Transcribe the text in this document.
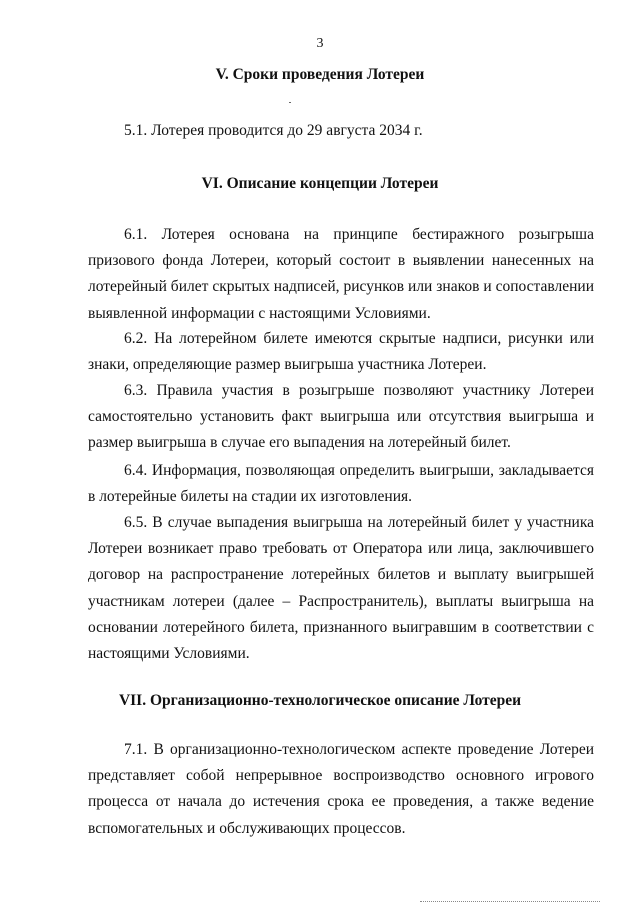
3
V. Сроки проведения Лотереи

5.1. Лотерея проводится до 29 августа 2034 г.

VI. Описание концепции Лотереи

6.1. Лотерея основана на принципе бестиражного розыгрыша призового фонда Лотереи, который состоит в выявлении нанесенных на лотерейный билет скрытых надписей, рисунков или знаков и сопоставлении выявленной информации с настоящими Условиями.

6.2. На лотерейном билете имеются скрытые надписи, рисунки или знаки, определяющие размер выигрыша участника Лотереи.

6.3. Правила участия в розыгрыше позволяют участнику Лотереи самостоятельно установить факт выигрыша или отсутствия выигрыша и размер выигрыша в случае его выпадения на лотерейный билет.

6.4. Информация, позволяющая определить выигрыши, закладывается в лотерейные билеты на стадии их изготовления.

6.5. В случае выпадения выигрыша на лотерейный билет у участника Лотереи возникает право требовать от Оператора или лица, заключившего договор на распространение лотерейных билетов и выплату выигрышей участникам лотереи (далее – Распространитель), выплаты выигрыша на основании лотерейного билета, признанного выигравшим в соответствии с настоящими Условиями.

VII. Организационно-технологическое описание Лотереи

7.1. В организационно-технологическом аспекте проведение Лотереи представляет собой непрерывное воспроизводство основного игрового процесса от начала до истечения срока ее проведения, а также ведение вспомогательных и обслуживающих процессов.
